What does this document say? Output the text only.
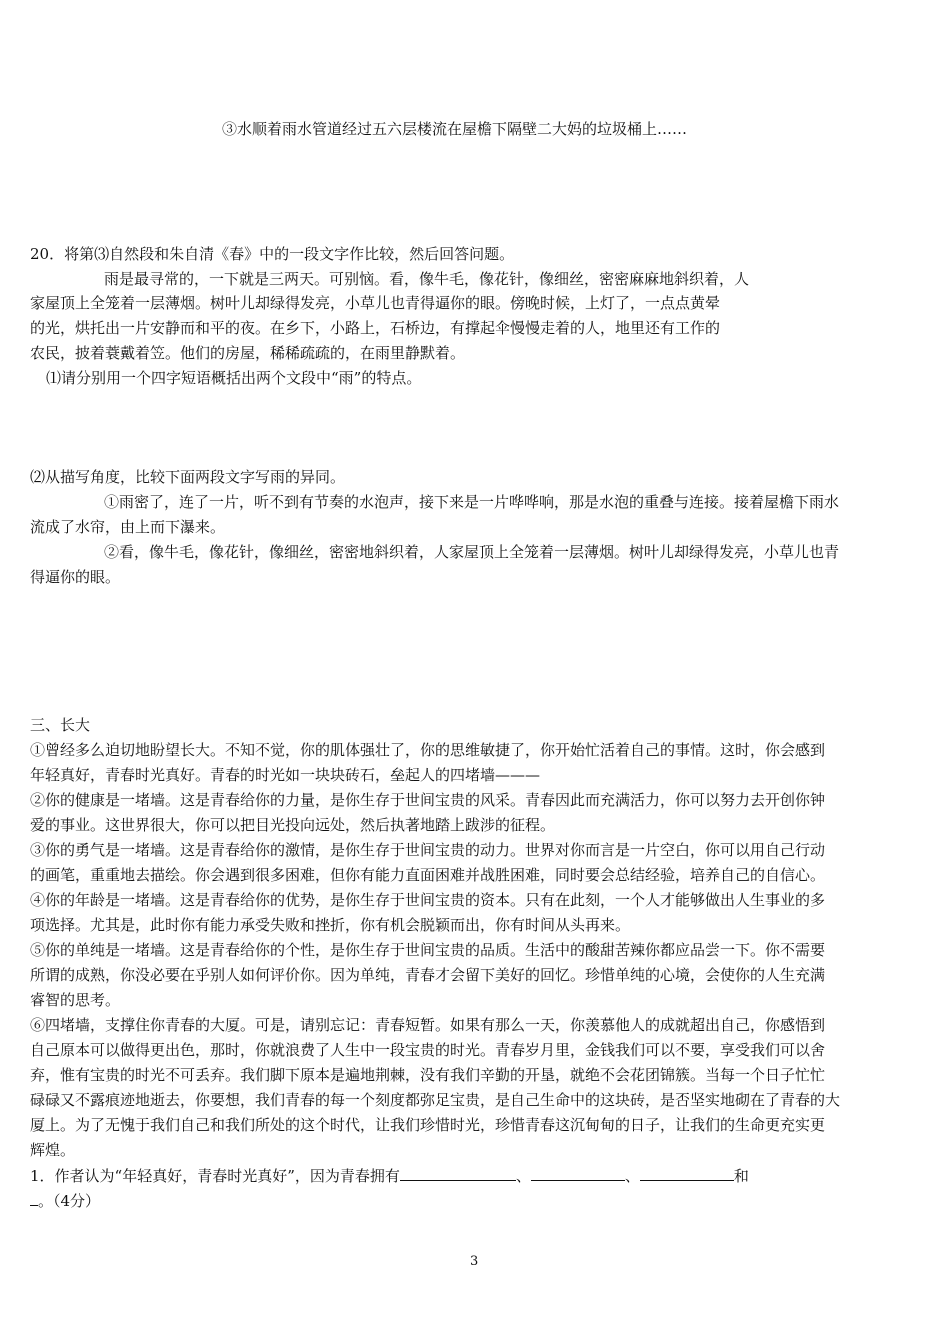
③水顺着雨水管道经过五六层楼流在屋檐下隔壁二大妈的垃圾桶上……
20．将第⑶自然段和朱自清《春》中的一段文字作比较，然后回答问题。
雨是最寻常的，一下就是三两天。可别恼。看，像牛毛，像花针，像细丝，密密麻麻地斜织着，人
家屋顶上全笼着一层薄烟。树叶儿却绿得发亮，小草儿也青得逼你的眼。傍晚时候，上灯了，一点点黄晕
的光，烘托出一片安静而和平的夜。在乡下，小路上，石桥边，有撑起伞慢慢走着的人，地里还有工作的
农民，披着蓑戴着笠。他们的房屋，稀稀疏疏的，在雨里静默着。
⑴请分别用一个四字短语概括出两个文段中“雨”的特点。
⑵从描写角度，比较下面两段文字写雨的异同。
①雨密了，连了一片，听不到有节奏的水泡声，接下来是一片哗哗响，那是水泡的重叠与连接。接着屋檐下雨水
流成了水帘，由上而下瀑来。
②看，像牛毛，像花针，像细丝，密密地斜织着，人家屋顶上全笼着一层薄烟。树叶儿却绿得发亮，小草儿也青
得逼你的眼。
三、长大
①曾经多么迫切地盼望长大。不知不觉，你的肌体强壮了，你的思维敏捷了，你开始忙活着自己的事情。这时，你会感到
年轻真好，青春时光真好。青春的时光如一块块砖石，垒起人的四堵墙———
②你的健康是一堵墙。这是青春给你的力量，是你生存于世间宝贵的风采。青春因此而充满活力，你可以努力去开创你钟
爱的事业。这世界很大，你可以把目光投向远处，然后执著地踏上跋涉的征程。
③你的勇气是一堵墙。这是青春给你的激情，是你生存于世间宝贵的动力。世界对你而言是一片空白，你可以用自己行动
的画笔，重重地去描绘。你会遇到很多困难，但你有能力直面困难并战胜困难，同时要会总结经验，培养自己的自信心。
④你的年龄是一堵墙。这是青春给你的优势，是你生存于世间宝贵的资本。只有在此刻，一个人才能够做出人生事业的多
项选择。尤其是，此时你有能力承受失败和挫折，你有机会脱颖而出，你有时间从头再来。
⑤你的单纯是一堵墙。这是青春给你的个性，是你生存于世间宝贵的品质。生活中的酸甜苦辣你都应品尝一下。你不需要
所谓的成熟，你没必要在乎别人如何评价你。因为单纯，青春才会留下美好的回忆。珍惜单纯的心境，会使你的人生充满
睿智的思考。
⑥四堵墙，支撑住你青春的大厦。可是，请别忘记：青春短暂。如果有那么一天，你羡慕他人的成就超出自己，你感悟到
自己原本可以做得更出色，那时，你就浪费了人生中一段宝贵的时光。青春岁月里，金钱我们可以不要，享受我们可以舍
弃，惟有宝贵的时光不可丢弃。我们脚下原本是遍地荆棘，没有我们辛勤的开垦，就绝不会花团锦簇。当每一个日子忙忙
碌碌又不露痕迹地逝去，你要想，我们青春的每一个刻度都弥足宝贵，是自己生命中的这块砖，是否坚实地砌在了青春的大
厦上。为了无愧于我们自己和我们所处的这个时代，让我们珍惜时光，珍惜青春这沉甸甸的日子，让我们的生命更充实更
辉煌。
1．作者认为“年轻真好，青春时光真好”，因为青春拥有	、	、	和
。（4分）
3
